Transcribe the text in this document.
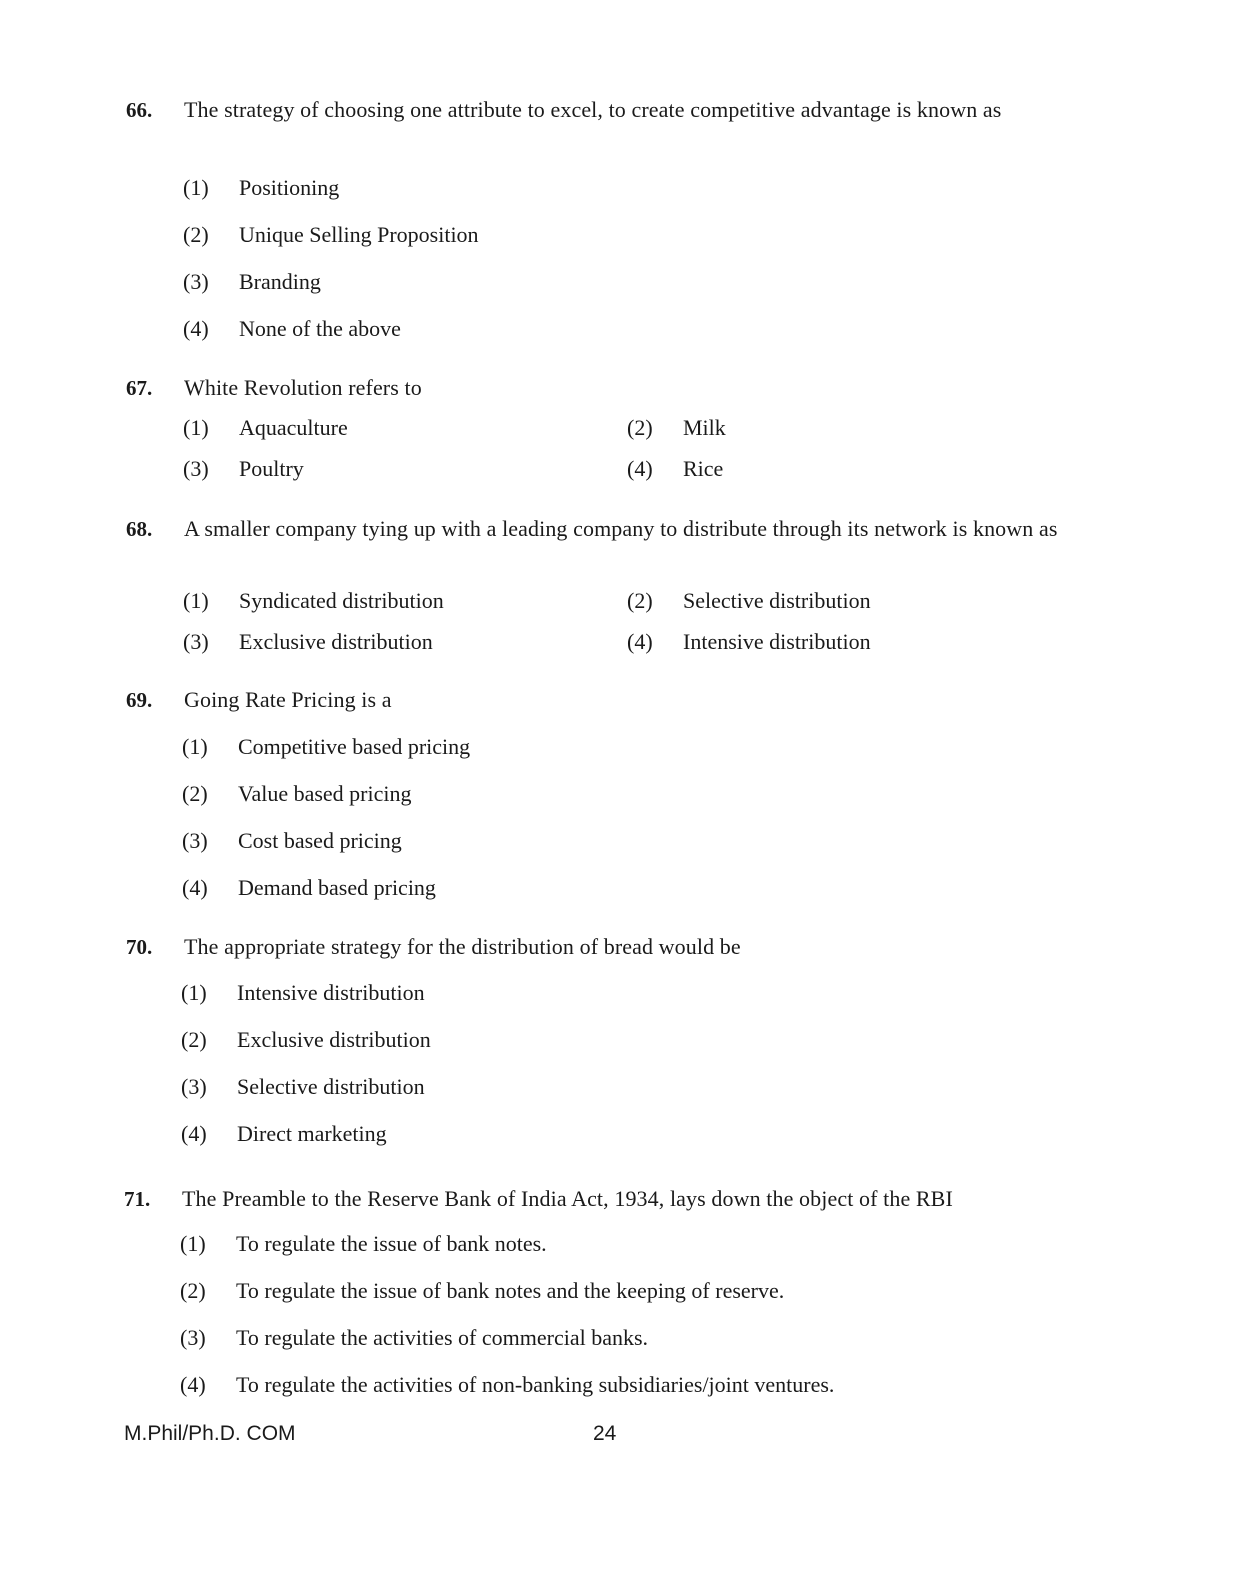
66. The strategy of choosing one attribute to excel, to create competitive advantage is known as
(1) Positioning
(2) Unique Selling Proposition
(3) Branding
(4) None of the above
67. White Revolution refers to
(1) Aquaculture	(2) Milk
(3) Poultry	(4) Rice
68. A smaller company tying up with a leading company to distribute through its network is known as
(1) Syndicated distribution	(2) Selective distribution
(3) Exclusive distribution	(4) Intensive distribution
69. Going Rate Pricing is a
(1) Competitive based pricing
(2) Value based pricing
(3) Cost based pricing
(4) Demand based pricing
70. The appropriate strategy for the distribution of bread would be
(1) Intensive distribution
(2) Exclusive distribution
(3) Selective distribution
(4) Direct marketing
71. The Preamble to the Reserve Bank of India Act, 1934, lays down the object of the RBI
(1) To regulate the issue of bank notes.
(2) To regulate the issue of bank notes and the keeping of reserve.
(3) To regulate the activities of commercial banks.
(4) To regulate the activities of non-banking subsidiaries/joint ventures.
M.Phil/Ph.D. COM	24
